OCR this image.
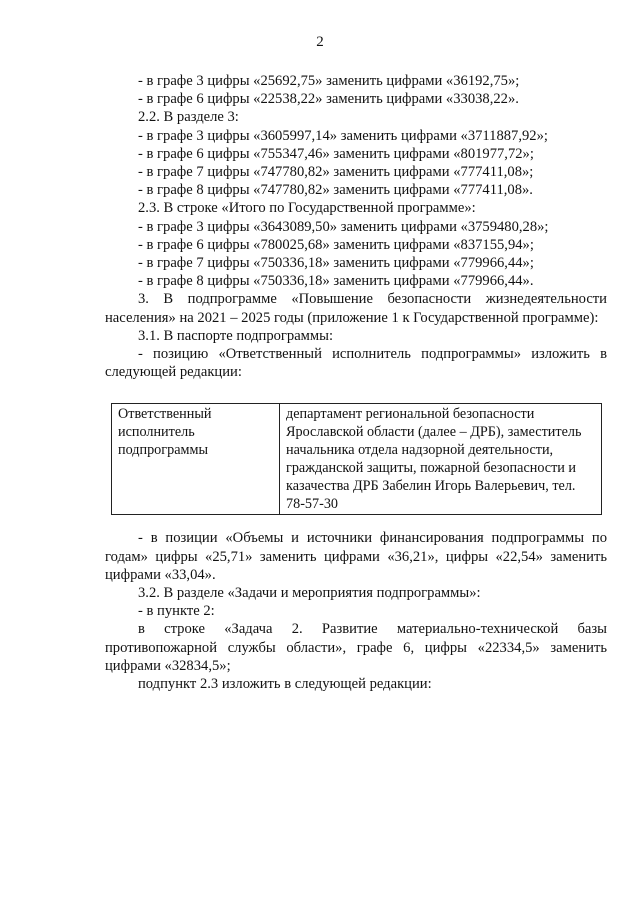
2

- в графе 3 цифры «25692,75» заменить цифрами «36192,75»;

- в графе 6 цифры «22538,22» заменить цифрами «33038,22».

2.2. В разделе 3:

- в графе 3 цифры «3605997,14» заменить цифрами «3711887,92»;

- в графе 6 цифры «755347,46» заменить цифрами «801977,72»;

- в графе 7 цифры «747780,82» заменить цифрами «777411,08»;

- в графе 8 цифры «747780,82» заменить цифрами «777411,08».

2.3. В строке «Итого по Государственной программе»:

- в графе 3 цифры «3643089,50» заменить цифрами «3759480,28»;

- в графе 6 цифры «780025,68» заменить цифрами «837155,94»;

- в графе 7 цифры «750336,18» заменить цифрами «779966,44»;

- в графе 8 цифры «750336,18» заменить цифрами «779966,44».

3. В подпрограмме «Повышение безопасности жизнедеятельности населения» на 2021 – 2025 годы (приложение 1 к Государственной программе):

3.1. В паспорте подпрограммы:

- позицию «Ответственный исполнитель подпрограммы» изложить в следующей редакции:

Ответственный исполнитель подпрограммы	департамент региональной безопасности Ярославской области (далее – ДРБ), заместитель начальника отдела надзорной деятельности, гражданской защиты, пожарной безопасности и казачества ДРБ Забелин Игорь Валерьевич, тел. 78-57-30

- в позиции «Объемы и источники финансирования подпрограммы по годам» цифры «25,71» заменить цифрами «36,21», цифры «22,54» заменить цифрами «33,04».

3.2. В разделе «Задачи и мероприятия подпрограммы»:

- в пункте 2:

в строке «Задача 2. Развитие материально-технической базы противопожарной службы области», графе 6, цифры «22334,5» заменить цифрами «32834,5»;

подпункт 2.3 изложить в следующей редакции:
